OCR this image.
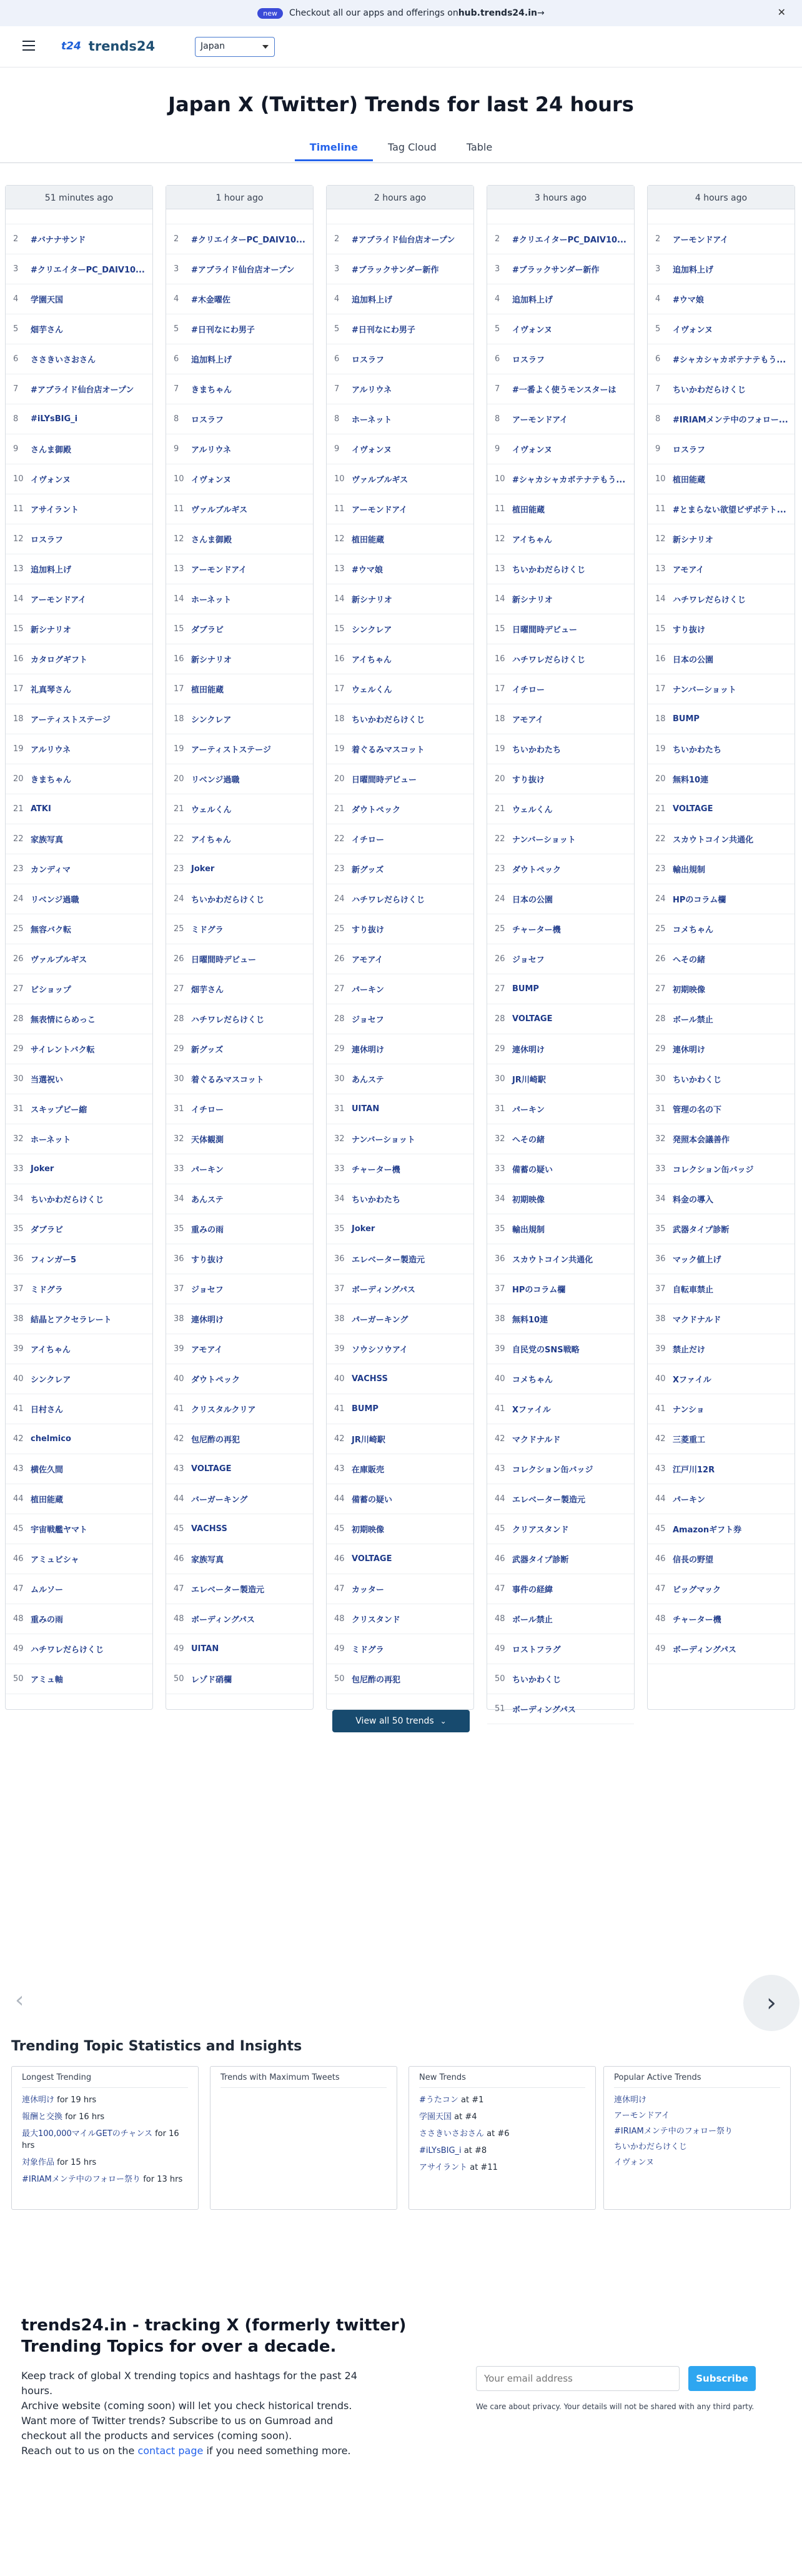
new	Checkout all our apps and offerings on hub.trends24.in →	✕
t24 trends24	Japan
Japan X (Twitter) Trends for last 24 hours
Timeline	Tag Cloud	Table
51 minutes ago
2	#バナナサンド
3	#クリエイターPC_DAIV10...
4	学園天国
5	畑芋さん
6	ささきいさおさん
7	#アブライド仙台店オープン
8	#iLYsBIG_i
9	さんま御殿
10 イヴォンヌ
11 アサイラント
12 ロスラフ
13 追加料上げ
14 アーモンドアイ
15 新シナリオ
16 カタログギフト
17 礼真琴さん
18 アーティストステージ
19 アルリウネ
20 きまちゃん
21 ATKI
22 家族写真
23 カンディマ
24 リベンジ過職
25 無容バク転
26 ヴァルブルギス
27 ビショップ
28 無表情にらめっこ
29 サイレントバク転
30 当選祝い
31 スキップビー縮
32 ホーネット
33 Joker
34 ちいかわだらけくじ
35 ダブラビ
36 フィンガー5
37 ミドグラ
38 結晶とアクセラレート
39 アイちゃん
40 シンクレア
41 日村さん
42 chelmico
43 横佐久間
44 植田能蔵
45 宇宙戦艦ヤマト
46 アミュビシャ
47 ムルソー
48 重みの雨
49 ハチワレだらけくじ
50 アミュ軸
1 hour ago
2	#クリエイターPC_DAIV10...
3	#アブライド仙台店オープン
4	#木金曜佐
5	#日刊なにわ男子
6	追加料上げ
7	きまちゃん
8	ロスラフ
9	アルリウネ
10 イヴォンヌ
11 ヴァルブルギス
12 さんま御殿
13 アーモンドアイ
14 ホーネット
15 ダブラビ
16 新シナリオ
17 植田能蔵
18 シンクレア
19 アーティストステージ
20 リベンジ過職
21 ウェルくん
22 アイちゃん
23 Joker
24 ちいかわだらけくじ
25 ミドグラ
26 日曜間時デビュー
27 畑芋さん
28 ハチワレだらけくじ
29 新グッズ
30 着ぐるみマスコット
31 イチロー
32 天体観測
33 パーキン
34 あんステ
35 重みの雨
36 すり抜け
37 ジョセフ
38 連休明け
39 アモアイ
40 ダウトペック
41 クリスタルクリア
42 包尼酢の再犯
43 VOLTAGE
44 バーガーキング
45 VACHSS
46 家族写真
47 エレベーター製造元
48 ボーディングパス
49 UITAN
50 レゾド硝欄
2 hours ago
2	#アブライド仙台店オープン
3	#ブラックサンダー新作
4	追加料上げ
5	#日刊なにわ男子
6	ロスラフ
7	アルリウネ
8	ホーネット
9	イヴォンヌ
10 ヴァルブルギス
11 アーモンドアイ
12 植田能蔵
13 #ウマ娘
14 新シナリオ
15 シンクレア
16 アイちゃん
17 ウェルくん
18 ちいかわだらけくじ
19 着ぐるみマスコット
20 日曜間時デビュー
21 ダウトペック
22 イチロー
23 新グッズ
24 ハチワレだらけくじ
25 すり抜け
26 アモアイ
27 パーキン
28 ジョセフ
29 連休明け
30 あんステ
31 UITAN
32 ナンバーショット
33 チャーター機
34 ちいかわたち
35 Joker
36 エレベーター製造元
37 ボーディングパス
38 パーガーキング
39 ソウシソウアイ
40 VACHSS
41 BUMP
42 JR川崎駅
43 在庫販売
44 備蓄の疑い
45 初期映像
46 VOLTAGE
47 カッター
48 クリスタンド
49 ミドグラ
50 包尼酢の再犯
3 hours ago
2	#クリエイターPC_DAIV10...
3	#ブラックサンダー新作
4	追加料上げ
5	イヴォンヌ
6	ロスラフ
7	#一番よく使うモンスターは
8	アーモンドアイ
9	イヴォンヌ
10 #シャカシャカボテナテもう...
11 植田能蔵
12 アイちゃん
13 ちいかわだらけくじ
14 新シナリオ
15 日曜間時デビュー
16 ハチワレだらけくじ
17 イチロー
18 アモアイ
19 ちいかわたち
20 すり抜け
21 ウェルくん
22 ナンバーショット
23 ダウトペック
24 日本の公園
25 チャーター機
26 ジョセフ
27 BUMP
28 VOLTAGE
29 連休明け
30 JR川崎駅
31 パーキン
32 へその緒
33 備蓄の疑い
34 初期映像
35 輸出規制
36 スカウトコイン共通化
37 HPのコラム欄
38 無料10連
39 自民党のSNS戦略
40 コメちゃん
41 Xファイル
42 マクドナルド
43 コレクション缶バッジ
44 エレベーター製造元
45 クリアスタンド
46 武器タイプ診断
47 事件の経緯
48 ボール禁止
49 ロストフラグ
50 ちいかわくじ
51 ボーディングパス
4 hours ago
2	アーモンドアイ
3	追加料上げ
4	#ウマ娘
5	イヴォンヌ
6	#シャカシャカボテナテもう...
7	ちいかわだらけくじ
8	#IRIAMメンテ中のフォロー...
9	ロスラフ
10 植田能蔵
11 #とまらない欲望ビザポテト...
12 新シナリオ
13 アモアイ
14 ハチワレだらけくじ
15 すり抜け
16 日本の公園
17 ナンバーショット
18 BUMP
19 ちいかわたち
20 無料10連
21 VOLTAGE
22 スカウトコイン共通化
23 輸出規制
24 HPのコラム欄
25 コメちゃん
26 へその緒
27 初期映像
28 ボール禁止
29 連休明け
30 ちいかわくじ
31 管理の名の下
32 発照本会議善作
33 コレクション缶バッジ
34 料金の導入
35 武器タイプ診断
36 マック値上げ
37 自転車禁止
38 マクドナルド
39 禁止だけ
40 Xファイル
41 ナンショ
42 三菱重工
43 江戸川12R
44 パーキン
45 Amazonギフト券
46 信長の野望
47 ビッグマック
48 チャーター機
49 ボーディングパス
View all 50 trends ⌄
‹	›
Trending Topic Statistics and Insights
Longest Trending
連休明け for 19 hrs
報酬と交換 for 16 hrs
最大100,000マイルGETのチャンス for 16 hrs
対象作品 for 15 hrs
#IRIAMメンテ中のフォロー祭り for 13 hrs
Trends with Maximum Tweets	New Trends
#うたコン at #1
学園天国 at #4
ささきいさおさん at #6
#iLYsBIG_i at #8
アサイラント at #11
Popular Active Trends
連休明け
アーモンドアイ
#IRIAMメンテ中のフォロー祭り
ちいかわだらけくじ
イヴォンヌ
trends24.in - tracking X (formerly twitter) Trending Topics for over a decade.
Keep track of global X trending topics and hashtags for the past 24 hours.
Archive website (coming soon) will let you check historical trends.
Want more of Twitter trends? Subscribe to us on Gumroad and checkout all the products and services (coming soon).
Reach out to us on the contact page if you need something more.
Your email address
Subscribe
We care about privacy. Your details will not be shared with any third party.
